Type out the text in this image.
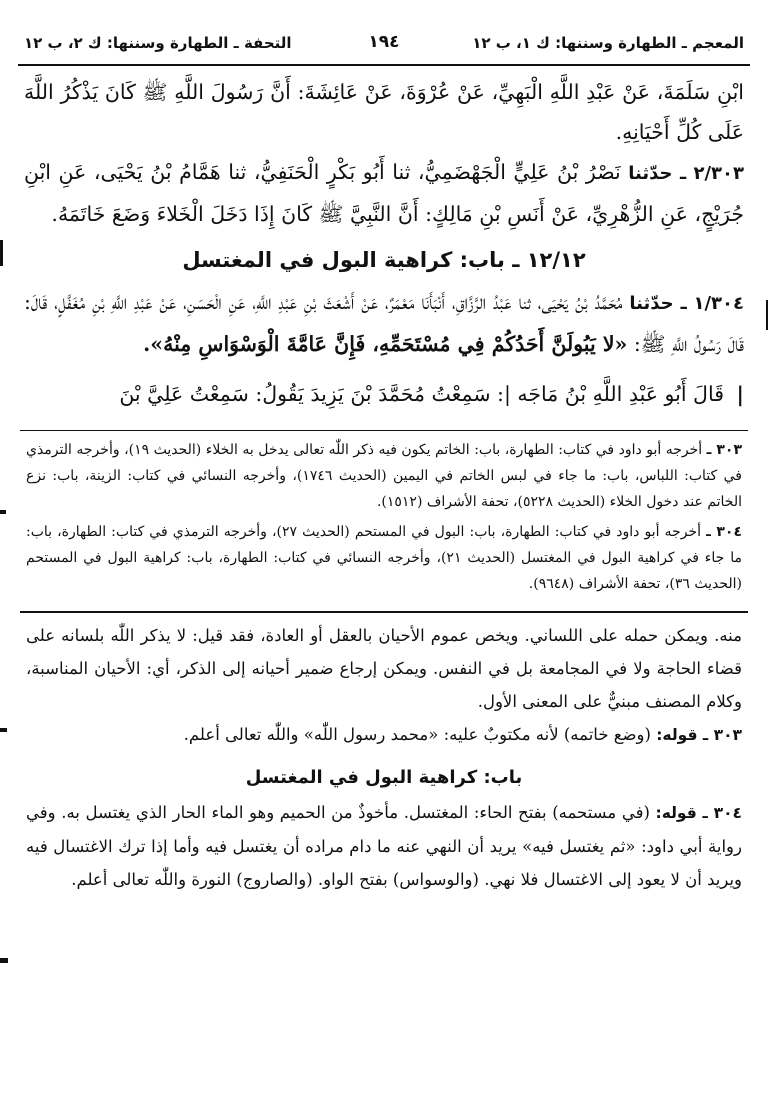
المعجم ـ الطهارة وسننها: ك ١، ب ١٢
١٩٤
التحفة ـ الطهارة وسننها: ك ٢، ب ١٢

ابْنِ سَلَمَةَ، عَنْ عَبْدِ اللَّهِ الْبَهِيِّ، عَنْ عُرْوَةَ، عَنْ عَائِشَةَ: أَنَّ رَسُولَ اللَّهِ ﷺ كَانَ يَذْكُرُ اللَّهَ عَلَى كُلِّ أَحْيَانِهِ.

٢/٣٠٣ ـ حدّثنا نَصْرُ بْنُ عَلِيٍّ الْجَهْضَمِيُّ، ثنا أَبُو بَكْرٍ الْحَنَفِيُّ، ثنا هَمَّامُ بْنُ يَحْيَى، عَنِ ابْنِ جُرَيْجٍ، عَنِ الزُّهْرِيِّ، عَنْ أَنَسِ بْنِ مَالِكٍ: أَنَّ النَّبِيَّ ﷺ كَانَ إِذَا دَخَلَ الْخَلاءَ وَضَعَ خَاتَمَهُ.

١٢/١٢ ـ باب: كراهية البول في المغتسل

١/٣٠٤ ـ حدّثنا مُحَمَّدُ بْنُ يَحْيَى، ثنا عَبْدُ الرَّزَّاقِ، أَنْبَأَنَا مَعْمَرٌ، عَنْ أَشْعَثَ بْنِ عَبْدِ اللَّهِ، عَنِ الْحَسَنِ، عَنْ عَبْدِ اللَّهِ بْنِ مُغَفَّلٍ، قَالَ: قَالَ رَسُولُ اللَّهِ ﷺ: «لا يَبُولَنَّ أَحَدُكُمْ فِي مُسْتَحَمِّهِ، فَإِنَّ عَامَّةَ الْوَسْوَاسِ مِنْهُ».

| قَالَ أَبُو عَبْدِ اللَّهِ بْنُ مَاجَه |: سَمِعْتُ مُحَمَّدَ بْنَ يَزِيدَ يَقُولُ: سَمِعْتُ عَلِيَّ بْنَ

٣٠٣ ـ أخرجه أبو داود في كتاب: الطهارة، باب: الخاتم يكون فيه ذكر اللّٰه تعالى يدخل به الخلاء (الحديث ١٩)، وأخرجه الترمذي في كتاب: اللباس، باب: ما جاء في لبس الخاتم في اليمين (الحديث ١٧٤٦)، وأخرجه النسائي في كتاب: الزينة، باب: نزع الخاتم عند دخول الخلاء (الحديث ٥٢٢٨)، تحفة الأشراف (١٥١٢).

٣٠٤ ـ أخرجه أبو داود في كتاب: الطهارة، باب: البول في المستحم (الحديث ٢٧)، وأخرجه الترمذي في كتاب: الطهارة، باب: ما جاء في كراهية البول في المغتسل (الحديث ٢١)، وأخرجه النسائي في كتاب: الطهارة، باب: كراهية البول في المستحم (الحديث ٣٦)، تحفة الأشراف (٩٦٤٨).

منه. ويمكن حمله على اللساني. ويخص عموم الأحيان بالعقل أو العادة، فقد قيل: لا يذكر اللّٰه بلسانه على قضاء الحاجة ولا في المجامعة بل في النفس. ويمكن إرجاع ضمير أحيانه إلى الذكر، أي: الأحيان المناسبة، وكلام المصنف مبنيٌّ على المعنى الأول.

٣٠٣ ـ قوله: (وضع خاتمه) لأنه مكتوبٌ عليه: «محمد رسول اللّٰه» واللّٰه تعالى أعلم.

باب: كراهية البول في المغتسل

٣٠٤ ـ قوله: (في مستحمه) بفتح الحاء: المغتسل. مأخوذٌ من الحميم وهو الماء الحار الذي يغتسل به. وفي رواية أبي داود: «ثم يغتسل فيه» يريد أن النهي عنه ما دام مراده أن يغتسل فيه وأما إذا ترك الاغتسال فيه ويريد أن لا يعود إلى الاغتسال فلا نهي. (والوسواس) بفتح الواو. (والصاروج) النورة واللّٰه تعالى أعلم.
